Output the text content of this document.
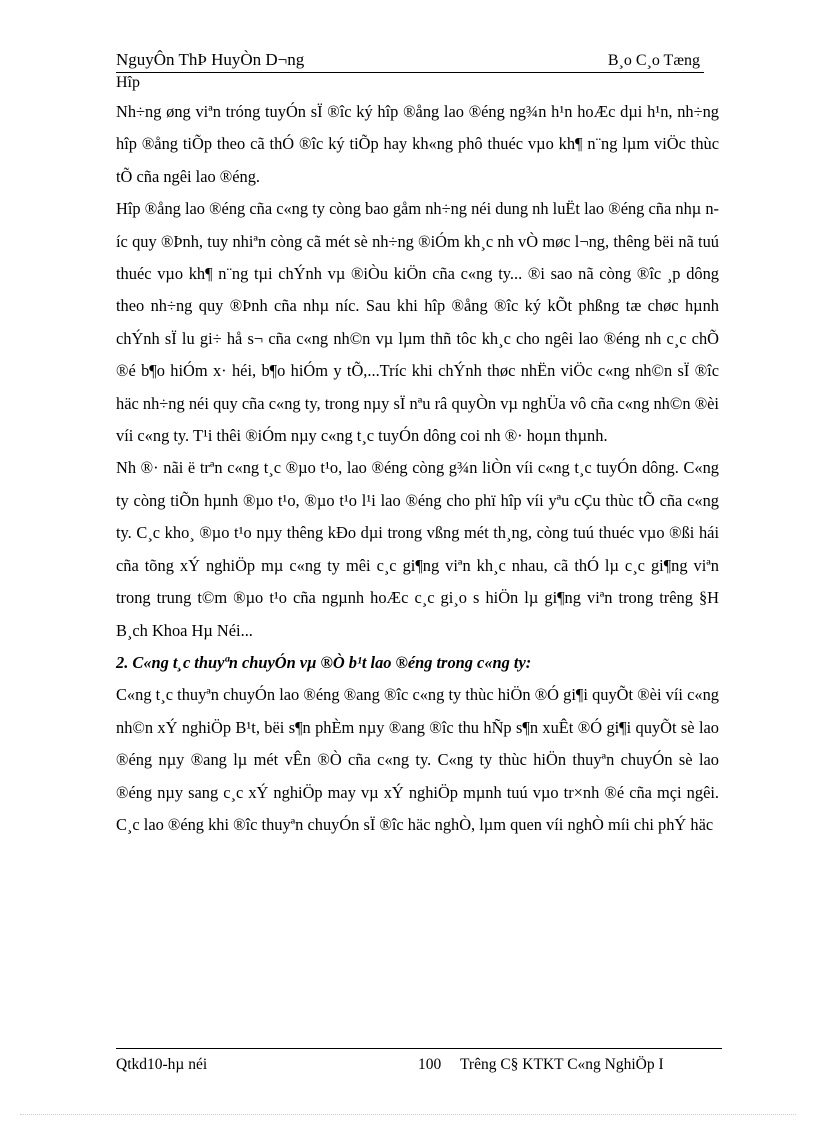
NguyÔn ThÞ HuyÒn D¬ng	B¸o C¸o Tæng
Hîp

Nh÷ng øng viªn tróng tuyÓn sÏ ®îc ký hîp ®ång lao ®éng ng¾n h¹n hoÆc dµi h¹n, nh÷ng hîp ®ång tiÕp theo cã thÓ ®îc ký tiÕp hay kh«ng phô thuéc vµo kh¶ n¨ng lµm viÖc thùc tÕ cña ngêi lao ®éng.

Hîp ®ång lao ®éng cña c«ng ty còng bao gåm nh÷ng néi dung nh luËt lao ®éng cña nhµ níc quy ®Þnh, tuy nhiªn còng cã mét sè nh÷ng ®iÓm kh¸c nh vÒ møc l¬ng, thêng bëi nã tuú thuéc vµo kh¶ n¨ng tµi chÝnh vµ ®iÒu kiÖn cña c«ng ty... ®i sao nã còng ®îc ¸p dông theo nh÷ng quy ®Þnh cña nhµ níc. Sau khi hîp ®ång ®îc ký kÕt phßng tæ chøc hµnh chÝnh sÏ lu gi÷ hå s¬ cña c«ng nh©n vµ lµm thñ tôc kh¸c cho ngêi lao ®éng nh c¸c chÕ ®é b¶o hiÓm x· héi, b¶o hiÓm y tÕ,...Tríc khi chÝnh thøc nhËn viÖc c«ng nh©n sÏ ®îc häc nh÷ng néi quy cña c«ng ty, trong nµy sÏ nªu râ quyÒn vµ nghÜa vô cña c«ng nh©n ®èi víi c«ng ty. T¹i thêi ®iÓm nµy c«ng t¸c tuyÓn dông coi nh ®· hoµn thµnh.

Nh ®· nãi ë trªn c«ng t¸c ®µo t¹o, lao ®éng còng g¾n liÒn víi c«ng t¸c tuyÓn dông. C«ng ty còng tiÕn hµnh ®µo t¹o, ®µo t¹o l¹i lao ®éng cho phï hîp víi yªu cÇu thùc tÕ cña c«ng ty. C¸c kho¸ ®µo t¹o nµy thêng kÐo dµi trong vßng mét th¸ng, còng tuú thuéc vµo ®ßi hái cña tõng xÝ nghiÖp mµ c«ng ty mêi c¸c gi¶ng viªn kh¸c nhau, cã thÓ lµ c¸c gi¶ng viªn trong trung t©m ®µo t¹o cña ngµnh hoÆc c¸c gi¸o s hiÖn lµ gi¶ng viªn trong trêng §H B¸ch Khoa Hµ Néi...

2. C«ng t¸c thuyªn chuyÓn vµ ®Ò b¹t lao ®éng trong c«ng ty:

C«ng t¸c thuyªn chuyÓn lao ®éng ®ang ®îc c«ng ty thùc hiÖn ®Ó gi¶i quyÕt ®èi víi c«ng nh©n xÝ nghiÖp B¹t, bëi s¶n phÈm nµy ®ang ®îc thu hÑp s¶n xuÊt ®Ó gi¶i quyÕt sè lao ®éng nµy ®ang lµ mét vÊn ®Ò cña c«ng ty. C«ng ty thùc hiÖn thuyªn chuyÓn sè lao ®éng nµy sang c¸c xÝ nghiÖp may vµ xÝ nghiÖp mµnh tuú vµo tr×nh ®é cña mçi ngêi. C¸c lao ®éng khi ®îc thuyªn chuyÓn sÏ ®îc häc nghÒ, lµm quen víi nghÒ míi chi phÝ häc

Qtkd10-hµ néi	100 Trêng C§ KTKT C«ng NghiÖp I
